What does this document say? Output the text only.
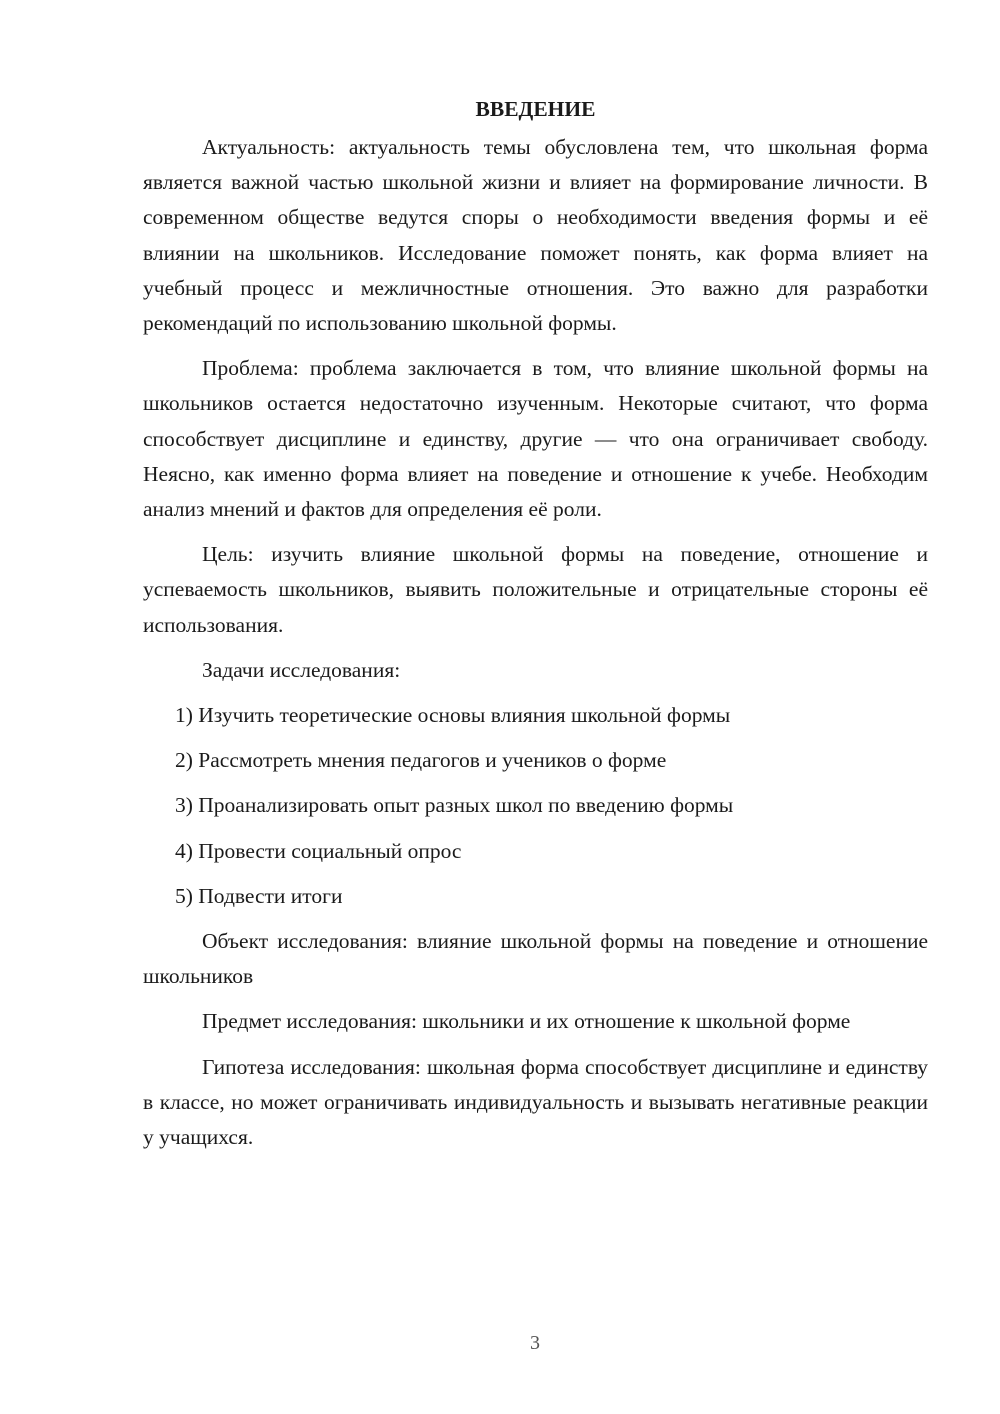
ВВЕДЕНИЕ
Актуальность: актуальность темы обусловлена тем, что школьная форма является важной частью школьной жизни и влияет на формирование личности. В современном обществе ведутся споры о необходимости введения формы и её влиянии на школьников. Исследование поможет понять, как форма влияет на учебный процесс и межличностные отношения. Это важно для разработки рекомендаций по использованию школьной формы.
Проблема: проблема заключается в том, что влияние школьной формы на школьников остается недостаточно изученным. Некоторые считают, что форма способствует дисциплине и единству, другие — что она ограничивает свободу. Неясно, как именно форма влияет на поведение и отношение к учебе. Необходим анализ мнений и фактов для определения её роли.
Цель: изучить влияние школьной формы на поведение, отношение и успеваемость школьников, выявить положительные и отрицательные стороны её использования.
Задачи исследования:
1) Изучить теоретические основы влияния школьной формы
2) Рассмотреть мнения педагогов и учеников о форме
3) Проанализировать опыт разных школ по введению формы
4) Провести социальный опрос
5) Подвести итоги
Объект исследования: влияние школьной формы на поведение и отношение школьников
Предмет исследования: школьники и их отношение к школьной форме
Гипотеза исследования: школьная форма способствует дисциплине и единству в классе, но может ограничивать индивидуальность и вызывать негативные реакции у учащихся.
3
